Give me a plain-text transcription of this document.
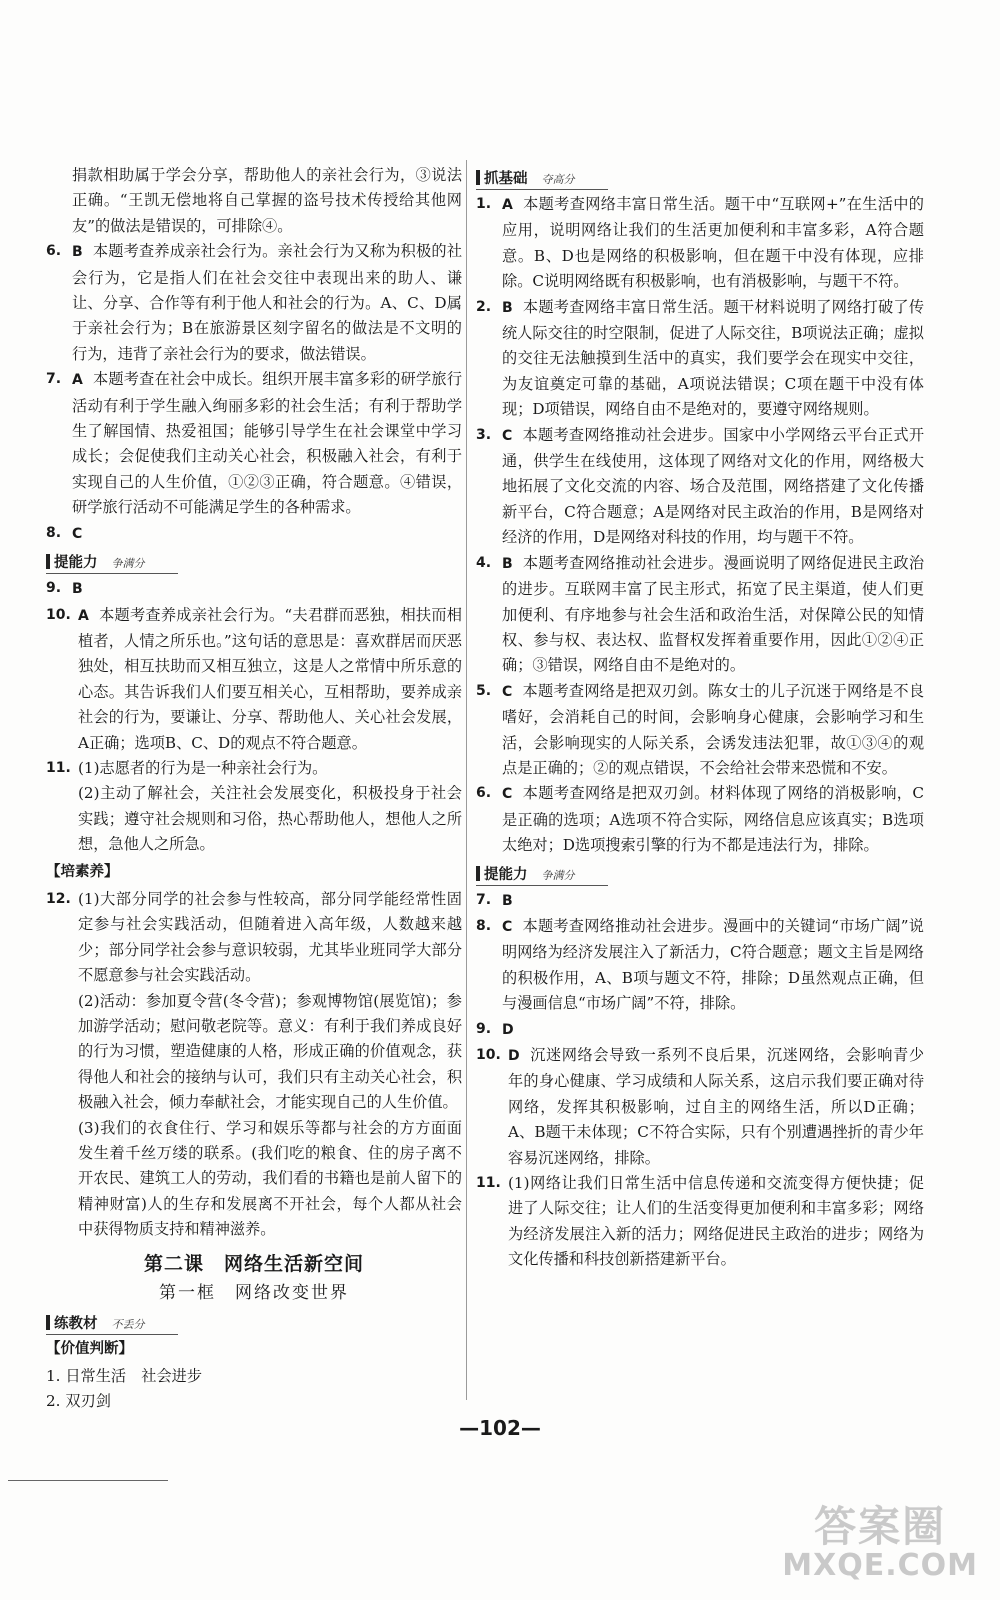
捐款相助属于学会分享，帮助他人的亲社会行为，③说法正确。“王凯无偿地将自己掌握的盗号技术传授给其他网友”的做法是错误的，可排除④。

6. B 本题考查养成亲社会行为。亲社会行为又称为积极的社会行为，它是指人们在社会交往中表现出来的助人、谦让、分享、合作等有利于他人和社会的行为。A、C、D属于亲社会行为；B在旅游景区刻字留名的做法是不文明的行为，违背了亲社会行为的要求，做法错误。
7. A 本题考查在社会中成长。组织开展丰富多彩的研学旅行活动有利于学生融入绚丽多彩的社会生活；有利于帮助学生了解国情、热爱祖国；能够引导学生在社会课堂中学习成长；会促使我们主动关心社会，积极融入社会，有利于实现自己的人生价值，①②③正确，符合题意。④错误，研学旅行活动不可能满足学生的各种需求。
8. C
提能力 争满分
9. B
10. A 本题考查养成亲社会行为。“夫君群而恶独，相扶而相植者，人情之所乐也。”这句话的意思是：喜欢群居而厌恶独处，相互扶助而又相互独立，这是人之常情中所乐意的心态。其告诉我们人们要互相关心，互相帮助，要养成亲社会的行为，要谦让、分享、帮助他人、关心社会发展，A正确；选项B、C、D的观点不符合题意。
11. (1)志愿者的行为是一种亲社会行为。

(2)主动了解社会，关注社会发展变化，积极投身于社会实践；遵守社会规则和习俗，热心帮助他人，想他人之所想，急他人之所急。

【培素养】
12. (1)大部分同学的社会参与性较高，部分同学能经常性固定参与社会实践活动，但随着进入高年级，人数越来越少；部分同学社会参与意识较弱，尤其毕业班同学大部分不愿意参与社会实践活动。

(2)活动：参加夏令营(冬令营)；参观博物馆(展览馆)；参加游学活动；慰问敬老院等。意义：有利于我们养成良好的行为习惯，塑造健康的人格，形成正确的价值观念，获得他人和社会的接纳与认可，我们只有主动关心社会，积极融入社会，倾力奉献社会，才能实现自己的人生价值。

(3)我们的衣食住行、学习和娱乐等都与社会的方方面面发生着千丝万缕的联系。(我们吃的粮食、住的房子离不开农民、建筑工人的劳动，我们看的书籍也是前人留下的精神财富)人的生存和发展离不开社会，每个人都从社会中获得物质支持和精神滋养。

第二课　网络生活新空间
第一框　网络改变世界
练教材 不丢分
【价值判断】

1. 日常生活　社会进步

2. 双刃剑

抓基础 夺高分
1. A 本题考查网络丰富日常生活。题干中“互联网+”在生活中的应用，说明网络让我们的生活更加便利和丰富多彩，A符合题意。B、D也是网络的积极影响，但在题干中没有体现，应排除。C说明网络既有积极影响，也有消极影响，与题干不符。
2. B 本题考查网络丰富日常生活。题干材料说明了网络打破了传统人际交往的时空限制，促进了人际交往，B项说法正确；虚拟的交往无法触摸到生活中的真实，我们要学会在现实中交往，为友谊奠定可靠的基础，A项说法错误；C项在题干中没有体现；D项错误，网络自由不是绝对的，要遵守网络规则。
3. C 本题考查网络推动社会进步。国家中小学网络云平台正式开通，供学生在线使用，这体现了网络对文化的作用，网络极大地拓展了文化交流的内容、场合及范围，网络搭建了文化传播新平台，C符合题意；A是网络对民主政治的作用，B是网络对经济的作用，D是网络对科技的作用，均与题干不符。
4. B 本题考查网络推动社会进步。漫画说明了网络促进民主政治的进步。互联网丰富了民主形式，拓宽了民主渠道，使人们更加便利、有序地参与社会生活和政治生活，对保障公民的知情权、参与权、表达权、监督权发挥着重要作用，因此①②④正确；③错误，网络自由不是绝对的。
5. C 本题考查网络是把双刃剑。陈女士的儿子沉迷于网络是不良嗜好，会消耗自己的时间，会影响身心健康，会影响学习和生活，会影响现实的人际关系，会诱发违法犯罪，故①③④的观点是正确的；②的观点错误，不会给社会带来恐慌和不安。
6. C 本题考查网络是把双刃剑。材料体现了网络的消极影响，C是正确的选项；A选项不符合实际，网络信息应该真实；B选项太绝对；D选项搜索引擎的行为不都是违法行为，排除。
提能力 争满分
7. B
8. C 本题考查网络推动社会进步。漫画中的关键词“市场广阔”说明网络为经济发展注入了新活力，C符合题意；题文主旨是网络的积极作用，A、B项与题文不符，排除；D虽然观点正确，但与漫画信息“市场广阔”不符，排除。
9. D
10. D 沉迷网络会导致一系列不良后果，沉迷网络，会影响青少年的身心健康、学习成绩和人际关系，这启示我们要正确对待网络，发挥其积极影响，过自主的网络生活，所以D正确；A、B题干未体现；C不符合实际，只有个别遭遇挫折的青少年容易沉迷网络，排除。
11. (1)网络让我们日常生活中信息传递和交流变得方便快捷；促进了人际交往；让人们的生活变得更加便利和丰富多彩；网络为经济发展注入新的活力；网络促进民主政治的进步；网络为文化传播和科技创新搭建新平台。
—102—
答案圈
MXQE.COM
